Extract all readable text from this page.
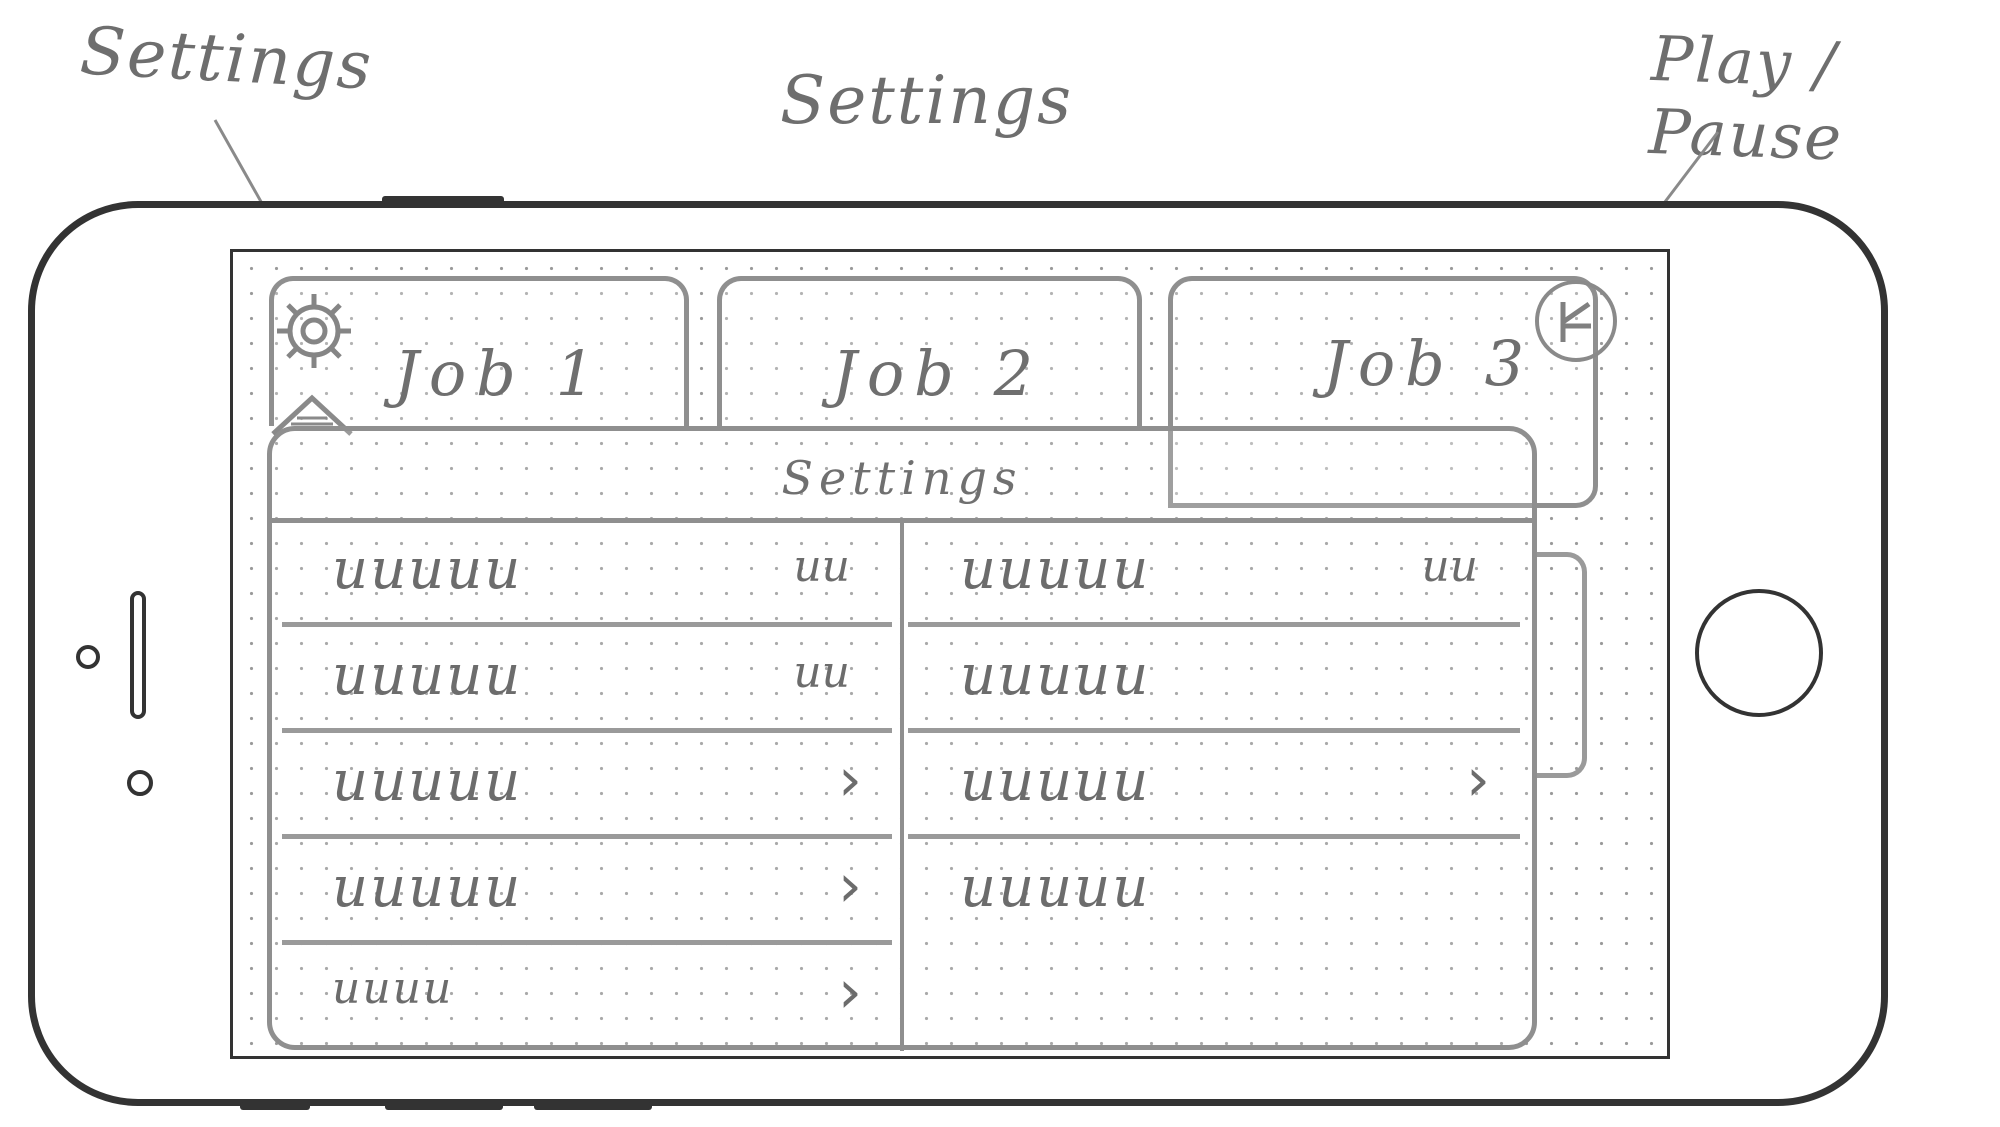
Settings	Settings	Play / Pause
Job 1	Job 2	Job 3
Settings
uuuuu	uu
uuuuu	uu
uuuuu	›
uuuuu	›
uuuu	›
uuuuu	uu
uuuuu
uuuuu	›
uuuuu
